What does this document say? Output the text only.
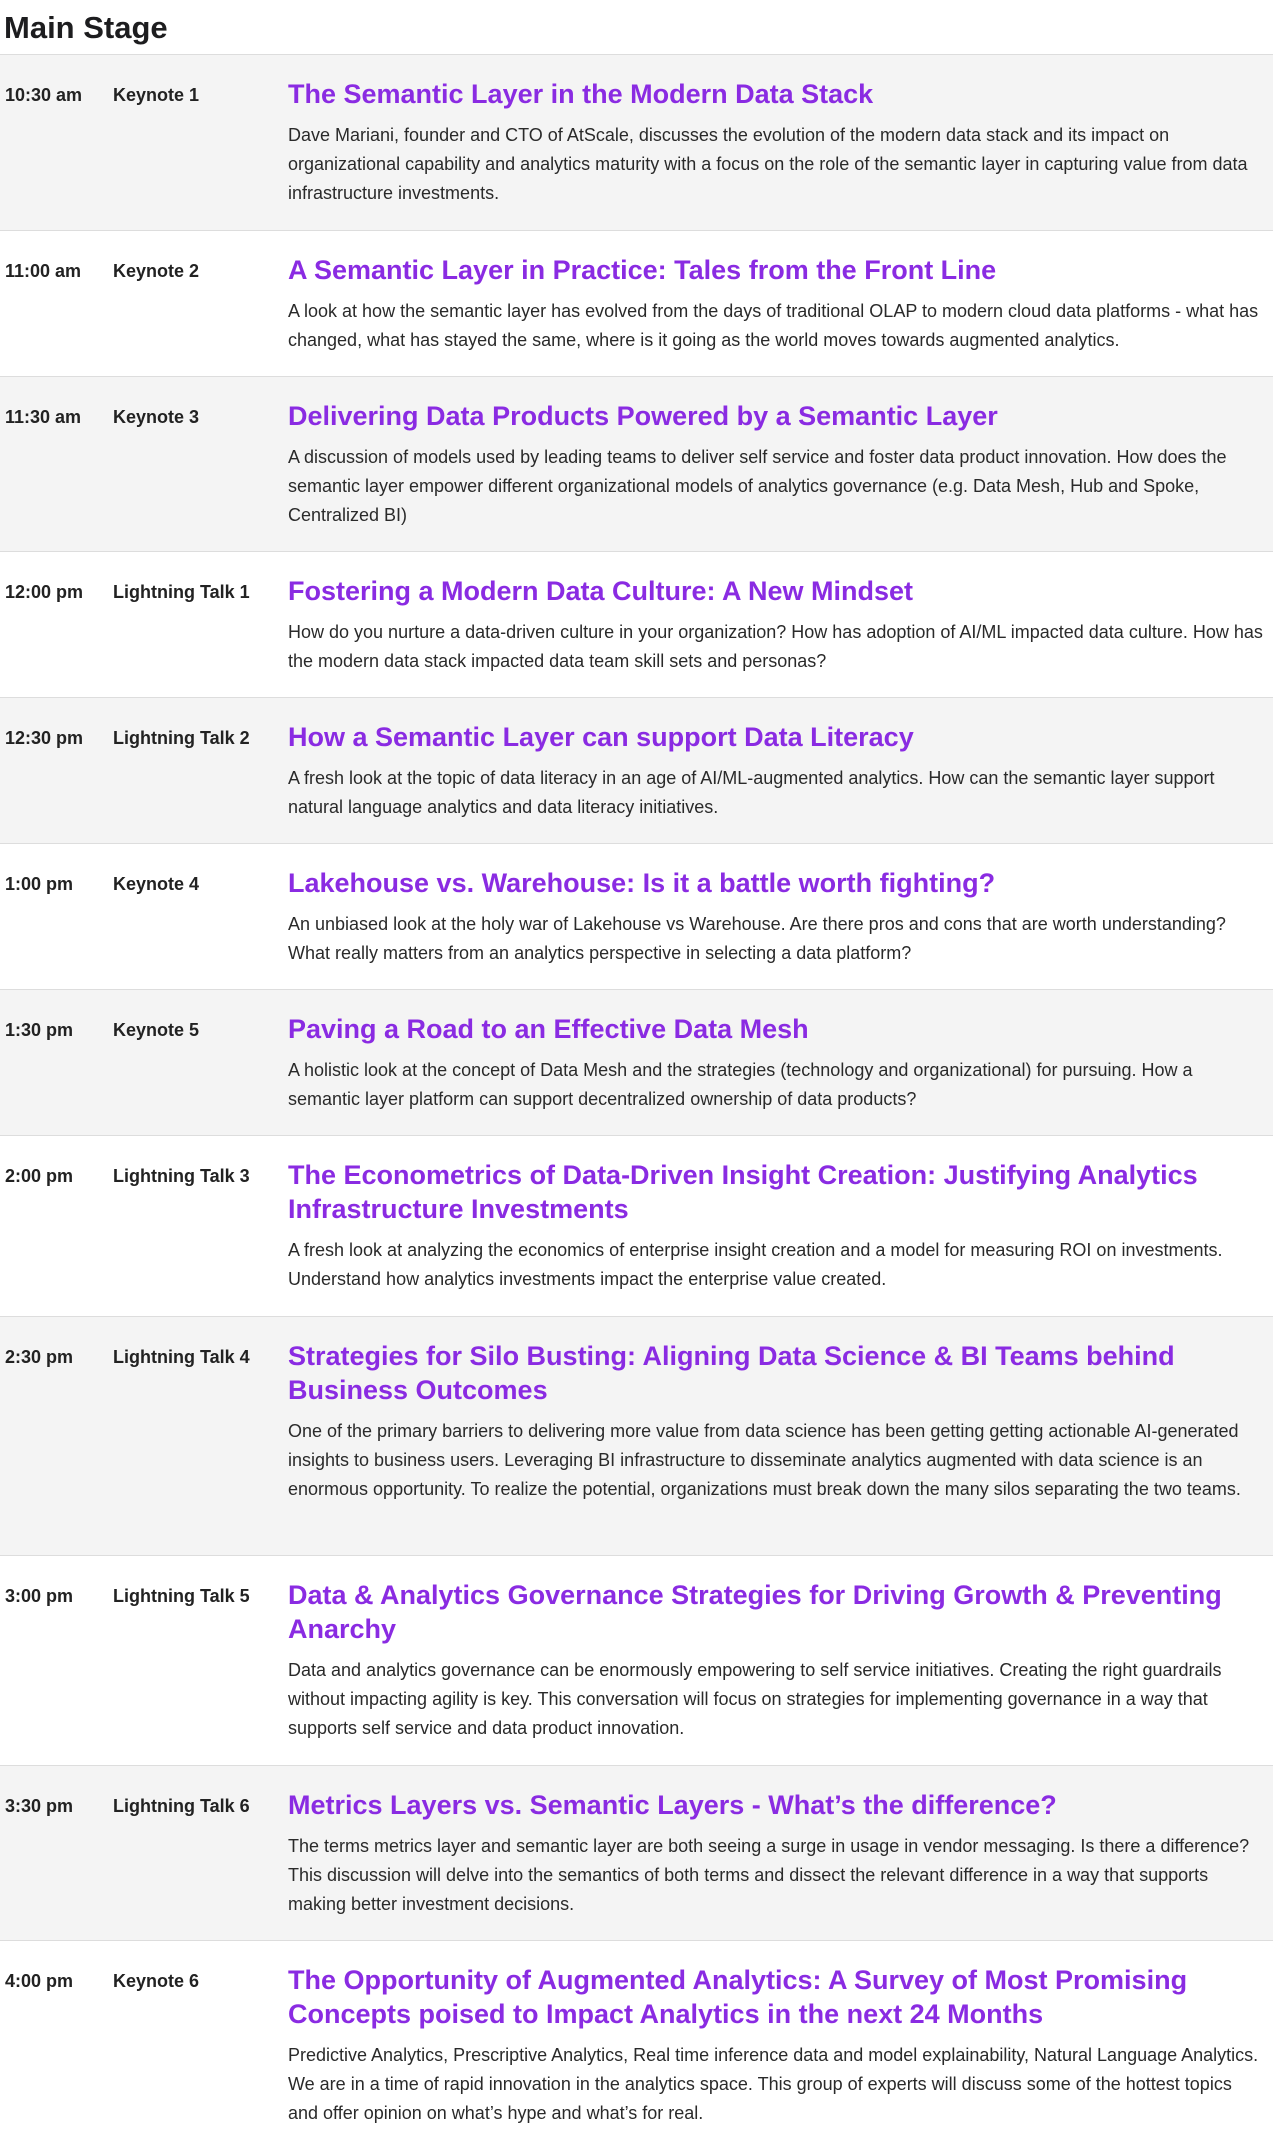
Main Stage
10:30 am	Keynote 1	The Semantic Layer in the Modern Data Stack

Dave Mariani, founder and CTO of AtScale, discusses the evolution of the modern data stack and its impact on organizational capability and analytics maturity with a focus on the role of the semantic layer in capturing value from data infrastructure investments.

11:00 am	Keynote 2	A Semantic Layer in Practice: Tales from the Front Line

A look at how the semantic layer has evolved from the days of traditional OLAP to modern cloud data platforms - what has changed, what has stayed the same, where is it going as the world moves towards augmented analytics.

11:30 am	Keynote 3	Delivering Data Products Powered by a Semantic Layer

A discussion of models used by leading teams to deliver self service and foster data product innovation. How does the semantic layer empower different organizational models of analytics governance (e.g. Data Mesh, Hub and Spoke, Centralized BI)

12:00 pm	Lightning Talk 1	Fostering a Modern Data Culture: A New Mindset

How do you nurture a data-driven culture in your organization? How has adoption of AI/ML impacted data culture. How has the modern data stack impacted data team skill sets and personas?

12:30 pm	Lightning Talk 2	How a Semantic Layer can support Data Literacy

A fresh look at the topic of data literacy in an age of AI/ML-augmented analytics. How can the semantic layer support natural language analytics and data literacy initiatives.

1:00 pm	Keynote 4	Lakehouse vs. Warehouse: Is it a battle worth fighting?

An unbiased look at the holy war of Lakehouse vs Warehouse. Are there pros and cons that are worth understanding? What really matters from an analytics perspective in selecting a data platform?

1:30 pm	Keynote 5	Paving a Road to an Effective Data Mesh

A holistic look at the concept of Data Mesh and the strategies (technology and organizational) for pursuing. How a semantic layer platform can support decentralized ownership of data products?

2:00 pm	Lightning Talk 3	The Econometrics of Data-Driven Insight Creation: Justifying Analytics Infrastructure Investments

A fresh look at analyzing the economics of enterprise insight creation and a model for measuring ROI on investments. Understand how analytics investments impact the enterprise value created.

2:30 pm	Lightning Talk 4	Strategies for Silo Busting: Aligning Data Science & BI Teams behind Business Outcomes

One of the primary barriers to delivering more value from data science has been getting getting actionable AI-generated insights to business users. Leveraging BI infrastructure to disseminate analytics augmented with data science is an enormous opportunity. To realize the potential, organizations must break down the many silos separating the two teams.

3:00 pm	Lightning Talk 5	Data & Analytics Governance Strategies for Driving Growth & Preventing Anarchy

Data and analytics governance can be enormously empowering to self service initiatives. Creating the right guardrails without impacting agility is key. This conversation will focus on strategies for implementing governance in a way that supports self service and data product innovation.

3:30 pm	Lightning Talk 6	Metrics Layers vs. Semantic Layers - What’s the difference?

The terms metrics layer and semantic layer are both seeing a surge in usage in vendor messaging. Is there a difference? This discussion will delve into the semantics of both terms and dissect the relevant difference in a way that supports making better investment decisions.

4:00 pm	Keynote 6	The Opportunity of Augmented Analytics: A Survey of Most Promising Concepts poised to Impact Analytics in the next 24 Months

Predictive Analytics, Prescriptive Analytics, Real time inference data and model explainability, Natural Language Analytics. We are in a time of rapid innovation in the analytics space. This group of experts will discuss some of the hottest topics and offer opinion on what’s hype and what’s for real.
